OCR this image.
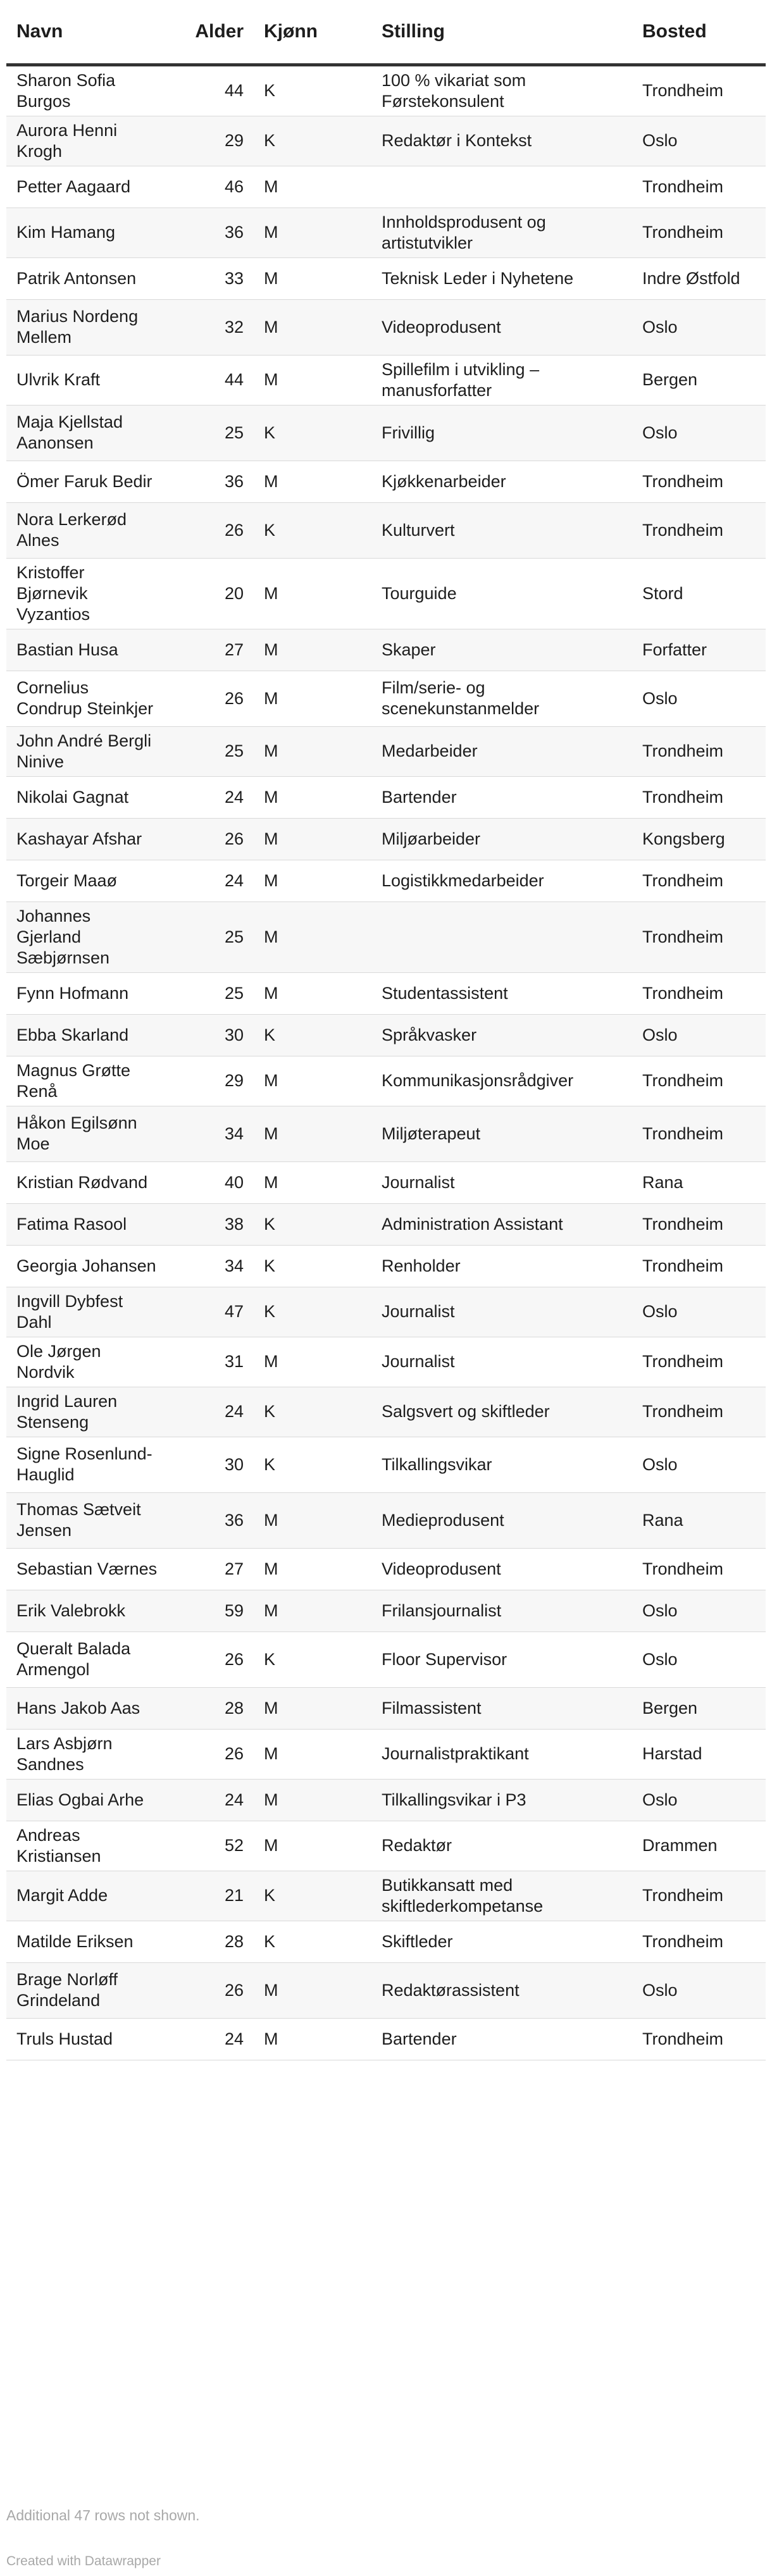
Navn	Alder	Kjønn	Stilling	Bosted
Sharon Sofia Burgos	44	K	100 % vikariat som Førstekonsulent	Trondheim
Aurora Henni Krogh	29	K	Redaktør i Kontekst	Oslo
Petter Aagaard	46	M		Trondheim
Kim Hamang	36	M	Innholdsprodusent og artistutvikler	Trondheim
Patrik Antonsen	33	M	Teknisk Leder i Nyhetene	Indre Østfold
Marius Nordeng Mellem	32	M	Videoprodusent	Oslo
Ulvrik Kraft	44	M	Spillefilm i utvikling – manusforfatter	Bergen
Maja Kjellstad Aanonsen	25	K	Frivillig	Oslo
Ömer Faruk Bedir	36	M	Kjøkkenarbeider	Trondheim
Nora Lerkerød Alnes	26	K	Kulturvert	Trondheim
Kristoffer Bjørnevik Vyzantios	20	M	Tourguide	Stord
Bastian Husa	27	M	Skaper	Forfatter
Cornelius Condrup Steinkjer	26	M	Film/serie- og scenekunstanmelder	Oslo
John André Bergli Ninive	25	M	Medarbeider	Trondheim
Nikolai Gagnat	24	M	Bartender	Trondheim
Kashayar Afshar	26	M	Miljøarbeider	Kongsberg
Torgeir Maaø	24	M	Logistikkmedarbeider	Trondheim
Johannes Gjerland Sæbjørnsen	25	M		Trondheim
Fynn Hofmann	25	M	Studentassistent	Trondheim
Ebba Skarland	30	K	Språkvasker	Oslo
Magnus Grøtte Renå	29	M	Kommunikasjonsrådgiver	Trondheim
Håkon Egilsønn Moe	34	M	Miljøterapeut	Trondheim
Kristian Rødvand	40	M	Journalist	Rana
Fatima Rasool	38	K	Administration Assistant	Trondheim
Georgia Johansen	34	K	Renholder	Trondheim
Ingvill Dybfest Dahl	47	K	Journalist	Oslo
Ole Jørgen Nordvik	31	M	Journalist	Trondheim
Ingrid Lauren Stenseng	24	K	Salgsvert og skiftleder	Trondheim
Signe Rosenlund-Hauglid	30	K	Tilkallingsvikar	Oslo
Thomas Sætveit Jensen	36	M	Medieprodusent	Rana
Sebastian Værnes	27	M	Videoprodusent	Trondheim
Erik Valebrokk	59	M	Frilansjournalist	Oslo
Queralt Balada Armengol	26	K	Floor Supervisor	Oslo
Hans Jakob Aas	28	M	Filmassistent	Bergen
Lars Asbjørn Sandnes	26	M	Journalistpraktikant	Harstad
Elias Ogbai Arhe	24	M	Tilkallingsvikar i P3	Oslo
Andreas Kristiansen	52	M	Redaktør	Drammen
Margit Adde	21	K	Butikkansatt med skiftlederkompetanse	Trondheim
Matilde Eriksen	28	K	Skiftleder	Trondheim
Brage Norløff Grindeland	26	M	Redaktørassistent	Oslo
Truls Hustad	24	M	Bartender	Trondheim
Additional 47 rows not shown.
Created with Datawrapper
